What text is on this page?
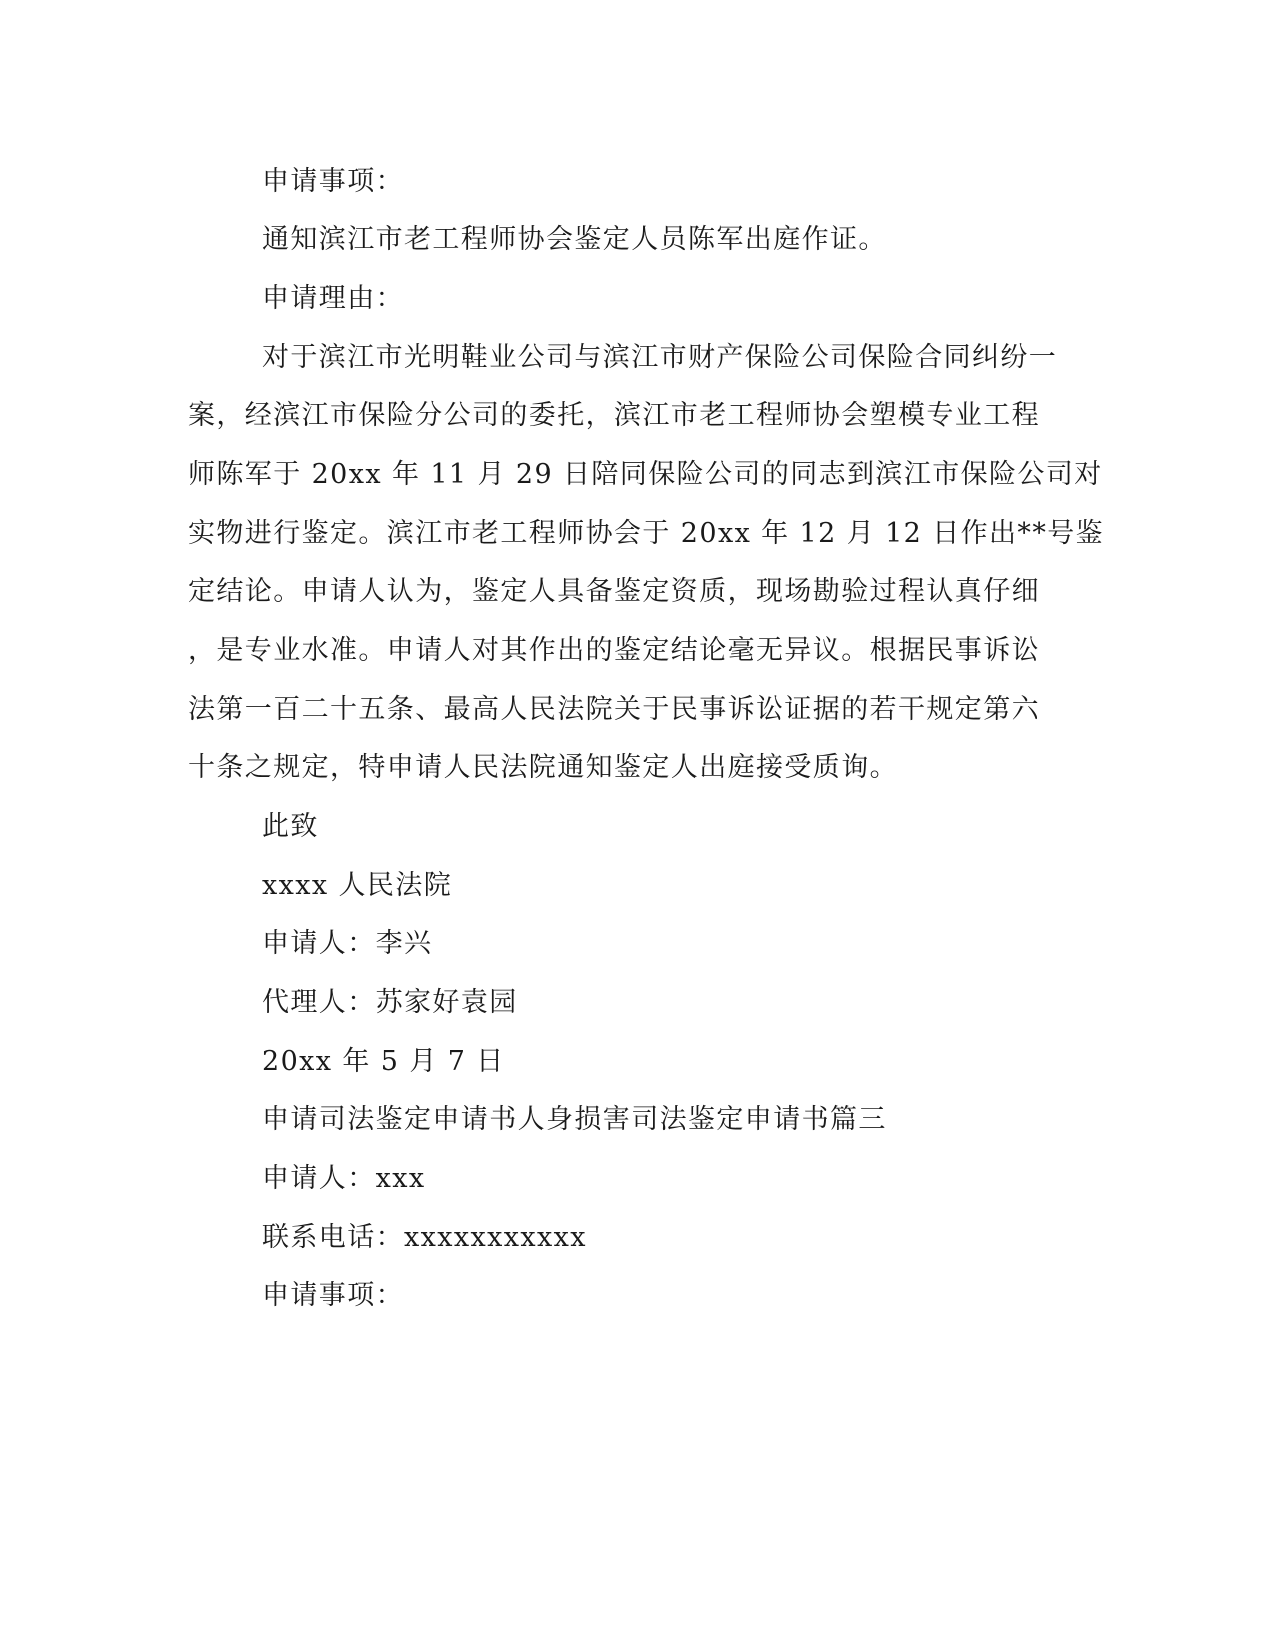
申请事项：
通知滨江市老工程师协会鉴定人员陈军出庭作证。
申请理由：
对于滨江市光明鞋业公司与滨江市财产保险公司保险合同纠纷一
案，经滨江市保险分公司的委托，滨江市老工程师协会塑模专业工程
师陈军于 20xx 年 11 月 29 日陪同保险公司的同志到滨江市保险公司对
实物进行鉴定。滨江市老工程师协会于 20xx 年 12 月 12 日作出**号鉴
定结论。申请人认为，鉴定人具备鉴定资质，现场勘验过程认真仔细
，是专业水准。申请人对其作出的鉴定结论毫无异议。根据民事诉讼
法第一百二十五条、最高人民法院关于民事诉讼证据的若干规定第六
十条之规定，特申请人民法院通知鉴定人出庭接受质询。
此致
xxxx 人民法院
申请人：李兴
代理人：苏家好袁园
20xx 年 5 月 7 日
申请司法鉴定申请书人身损害司法鉴定申请书篇三
申请人：xxx
联系电话：xxxxxxxxxxx
申请事项：
